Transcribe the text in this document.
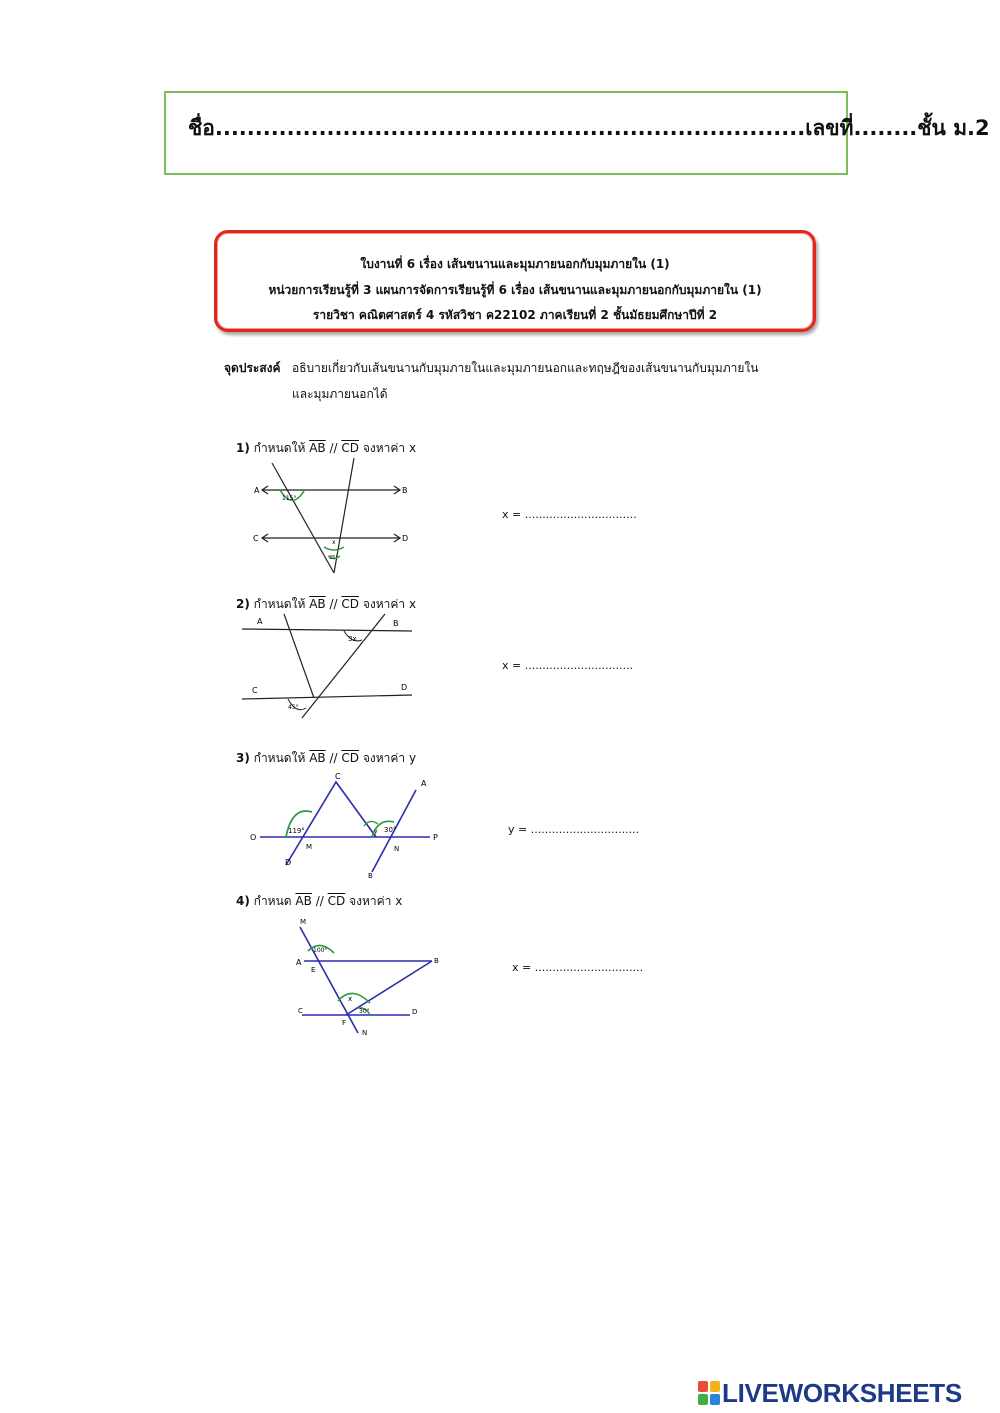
ชื่อ..........................................................................เลขที่........ชั้น ม.2
ใบงานที่ 6 เรื่อง เส้นขนานและมุมภายนอกกับมุมภายใน (1)
หน่วยการเรียนรู้ที่ 3 แผนการจัดการเรียนรู้ที่ 6 เรื่อง เส้นขนานและมุมภายนอกกับมุมภายใน (1)
รายวิชา คณิตศาสตร์ 4 รหัสวิชา ค22102 ภาคเรียนที่ 2 ชั้นมัธยมศึกษาปีที่ 2
จุดประสงค์ อธิบายเกี่ยวกับเส้นขนานกับมุมภายในและมุมภายนอกและทฤษฎีของเส้นขนานกับมุมภายใน
และมุมภายนอกได้
1) กำหนดให้ $\overline{AB} // \overline{CD}$ จงหาค่า x
A	B
C	D
115°
x
35°
x = ................................
2) กำหนดให้ $\overline{AB} // \overline{CD}$ จงหาค่า x
A	B
C	D
3x
45°
x = ...............................
3) กำหนดให้ $\overline{AB} // \overline{CD}$ จงหาค่า y
C
A
O
M	N
P
D
B
119°	y 30°	y = ...............................
4) กำหนด $\overline{AB} // \overline{CD}$ จงหาค่า x
M
A
E
B
C
F
D
N
100°
x
30°
x = ...............................
LIVEWORKSHEETS
